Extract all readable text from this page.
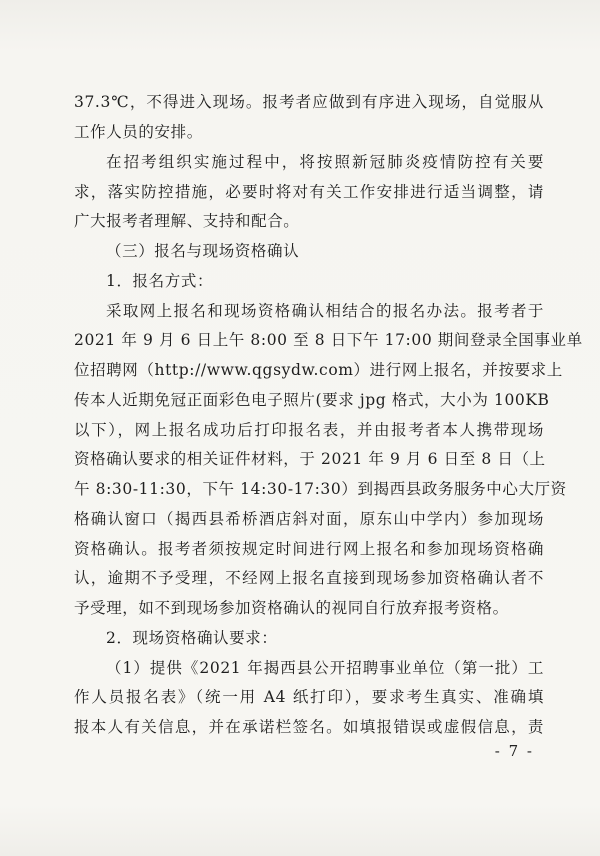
37.3℃，不得进入现场。报考者应做到有序进入现场，自觉服从
工作人员的安排。
在招考组织实施过程中，将按照新冠肺炎疫情防控有关要
求，落实防控措施，必要时将对有关工作安排进行适当调整，请
广大报考者理解、支持和配合。
（三）报名与现场资格确认
1．报名方式：
采取网上报名和现场资格确认相结合的报名办法。报考者于
2021 年 9 月 6 日上午 8:00 至 8 日下午 17:00 期间登录全国事业单
位招聘网（http://www.qgsydw.com）进行网上报名，并按要求上
传本人近期免冠正面彩色电子照片(要求 jpg 格式，大小为 100KB
以下），网上报名成功后打印报名表，并由报考者本人携带现场
资格确认要求的相关证件材料，于 2021 年 9 月 6 日至 8 日（上
午 8:30-11:30，下午 14:30-17:30）到揭西县政务服务中心大厅资
格确认窗口（揭西县希桥酒店斜对面，原东山中学内）参加现场
资格确认。报考者须按规定时间进行网上报名和参加现场资格确
认，逾期不予受理，不经网上报名直接到现场参加资格确认者不
予受理，如不到现场参加资格确认的视同自行放弃报考资格。
2．现场资格确认要求：
（1）提供《2021 年揭西县公开招聘事业单位（第一批）工
作人员报名表》（统一用 A4 纸打印），要求考生真实、准确填
报本人有关信息，并在承诺栏签名。如填报错误或虚假信息，责
- 7 -
